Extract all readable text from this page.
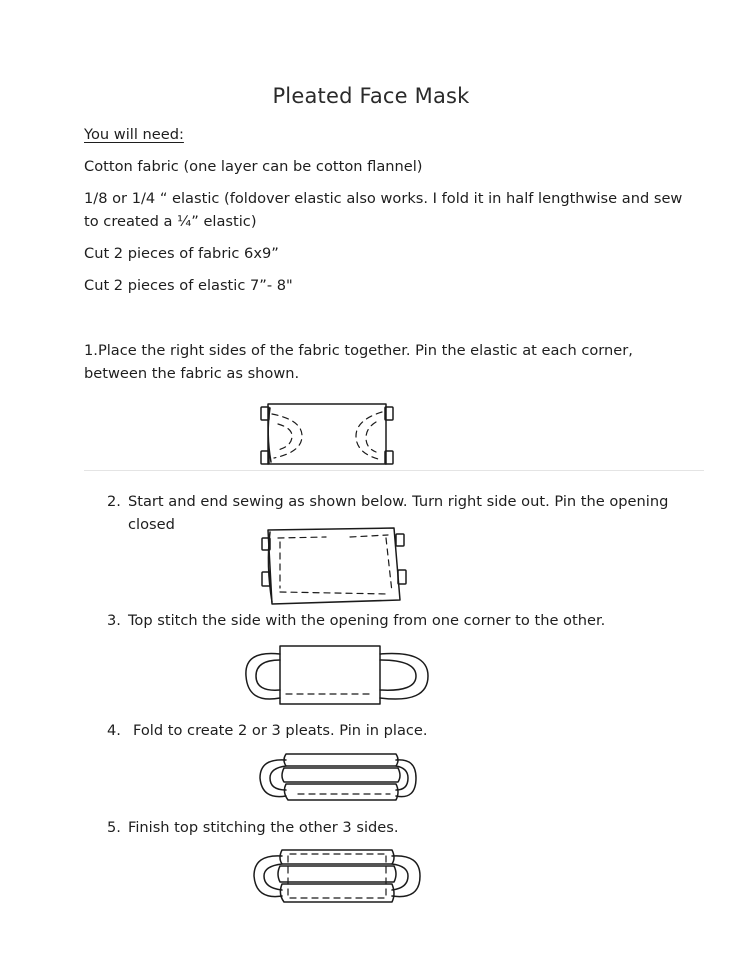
Pleated Face Mask
You will need:
Cotton fabric (one layer can be cotton flannel)
1/8 or 1/4 “ elastic (foldover elastic also works. I fold it in half lengthwise and sew
to created a ¼” elastic)
Cut 2 pieces of fabric 6x9”
Cut 2 pieces of elastic 7”- 8"
1.Place the right sides of the fabric together. Pin the elastic at each corner,
between the fabric as shown.
2. Start and end sewing as shown below. Turn right side out. Pin the opening
closed
3. Top stitch the side with the opening from one corner to the other.
4. Fold to create 2 or 3 pleats. Pin in place.
5. Finish top stitching the other 3 sides.
